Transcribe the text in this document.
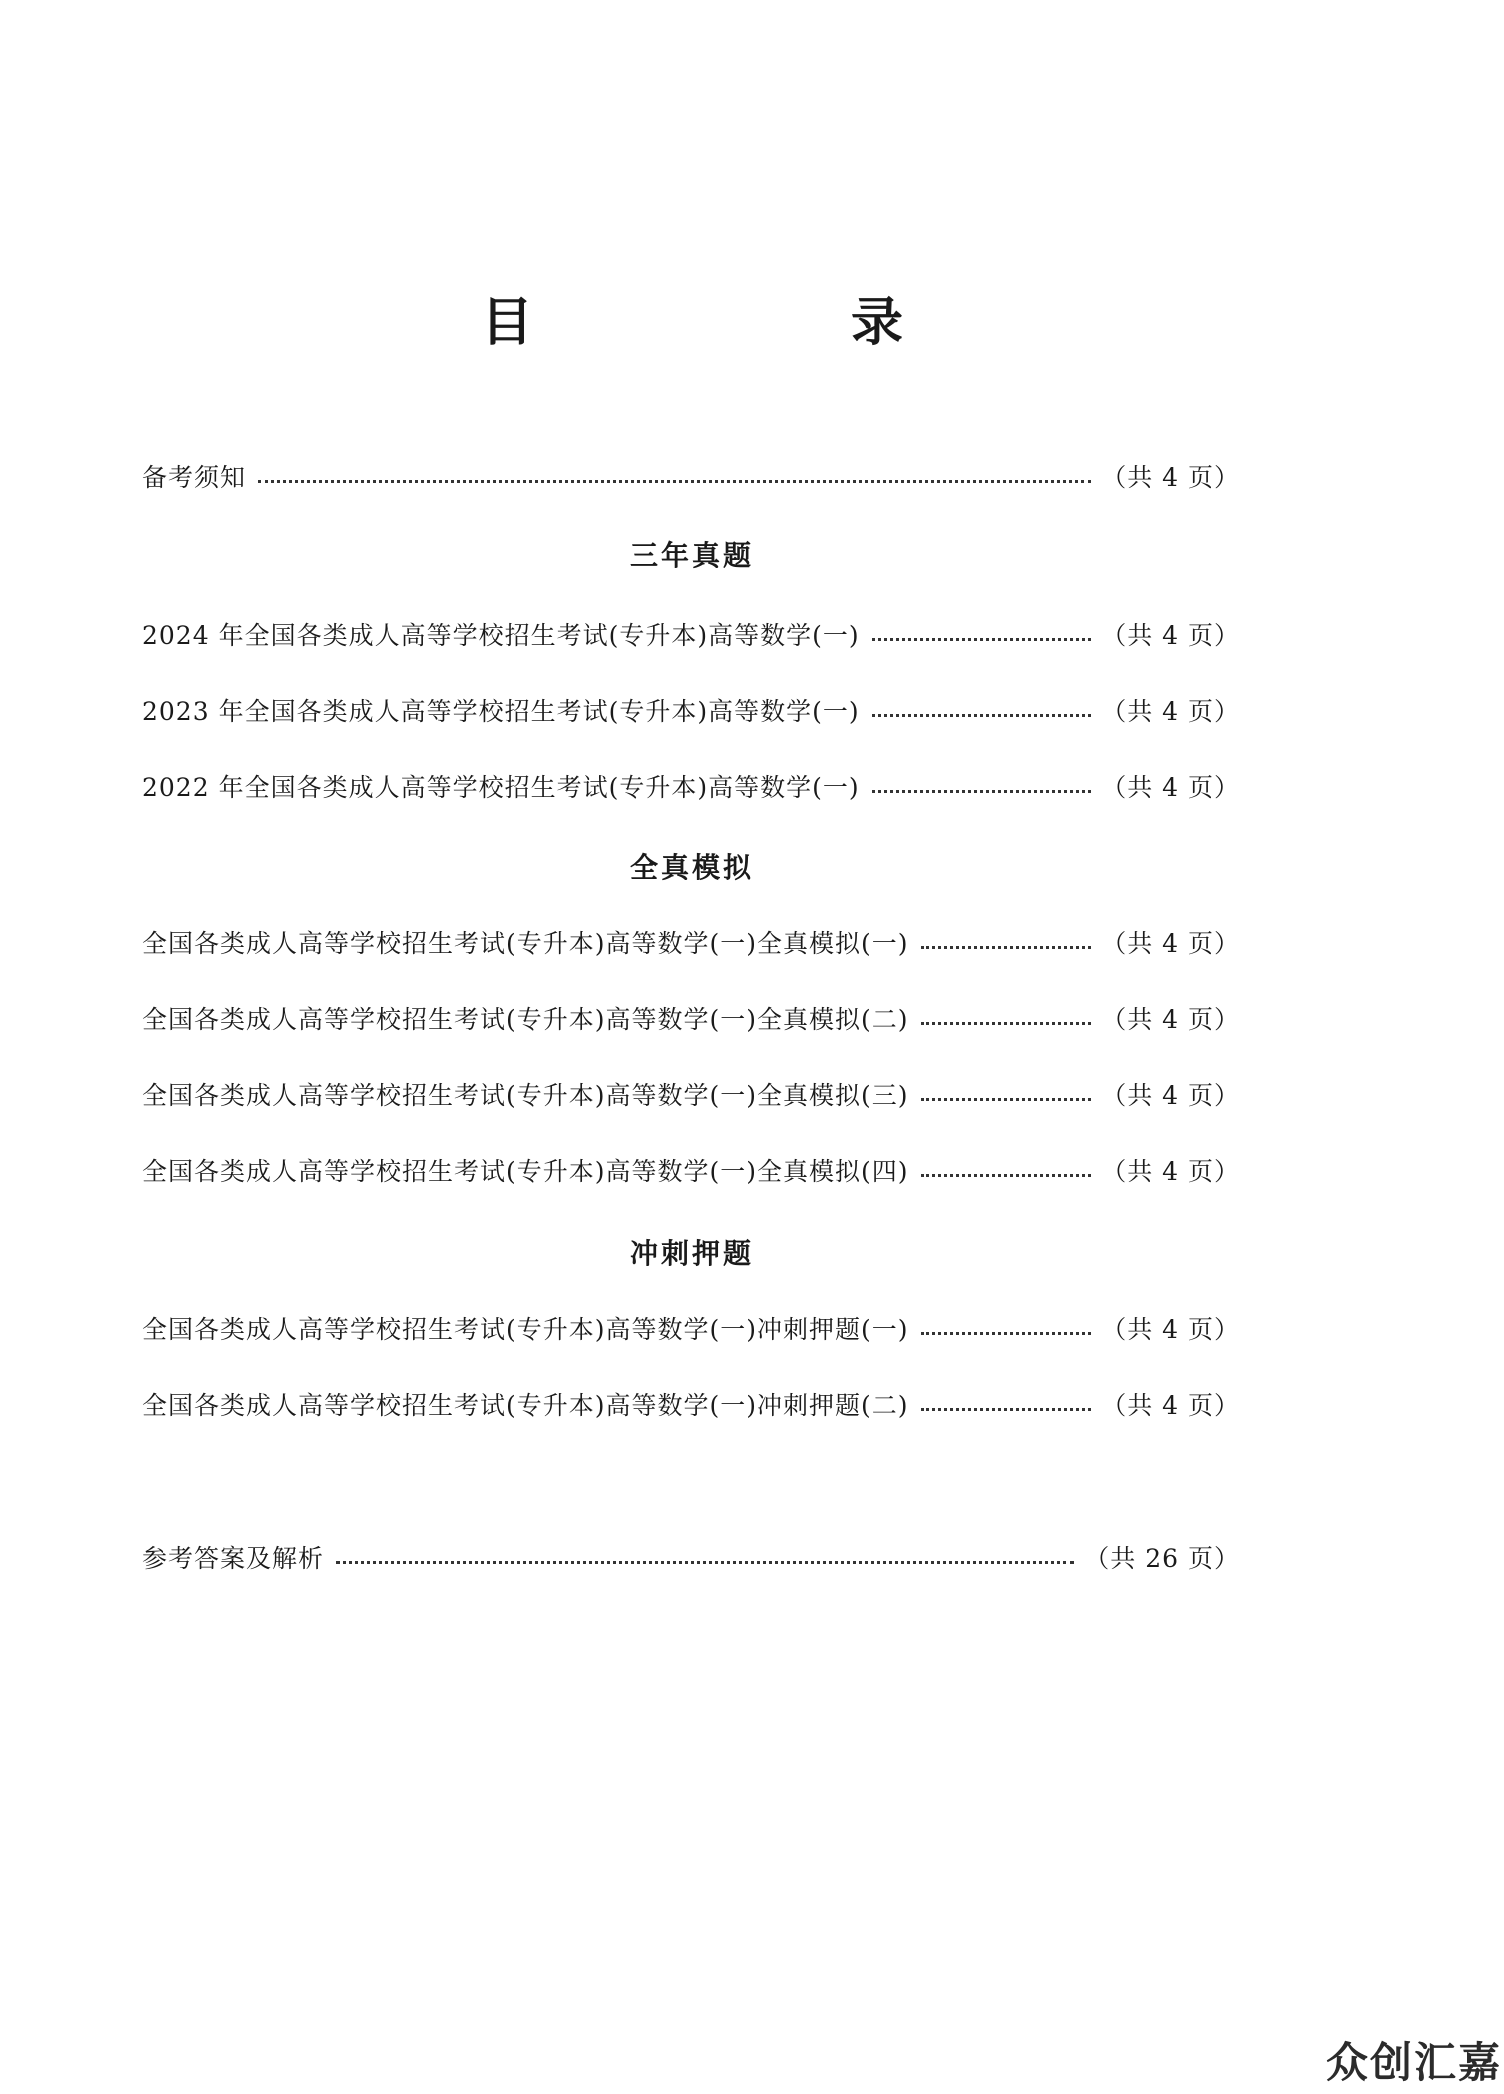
目 录
备考须知	（共 4 页）
三年真题
2024 年全国各类成人高等学校招生考试(专升本)高等数学(一)	（共 4 页）
2023 年全国各类成人高等学校招生考试(专升本)高等数学(一)	（共 4 页）
2022 年全国各类成人高等学校招生考试(专升本)高等数学(一)	（共 4 页）
全真模拟
全国各类成人高等学校招生考试(专升本)高等数学(一)全真模拟(一)	（共 4 页）
全国各类成人高等学校招生考试(专升本)高等数学(一)全真模拟(二)	（共 4 页）
全国各类成人高等学校招生考试(专升本)高等数学(一)全真模拟(三)	（共 4 页）
全国各类成人高等学校招生考试(专升本)高等数学(一)全真模拟(四)	（共 4 页）
冲刺押题
全国各类成人高等学校招生考试(专升本)高等数学(一)冲刺押题(一)	（共 4 页）
全国各类成人高等学校招生考试(专升本)高等数学(一)冲刺押题(二)	（共 4 页）
参考答案及解析	（共 26 页）
众创汇嘉
